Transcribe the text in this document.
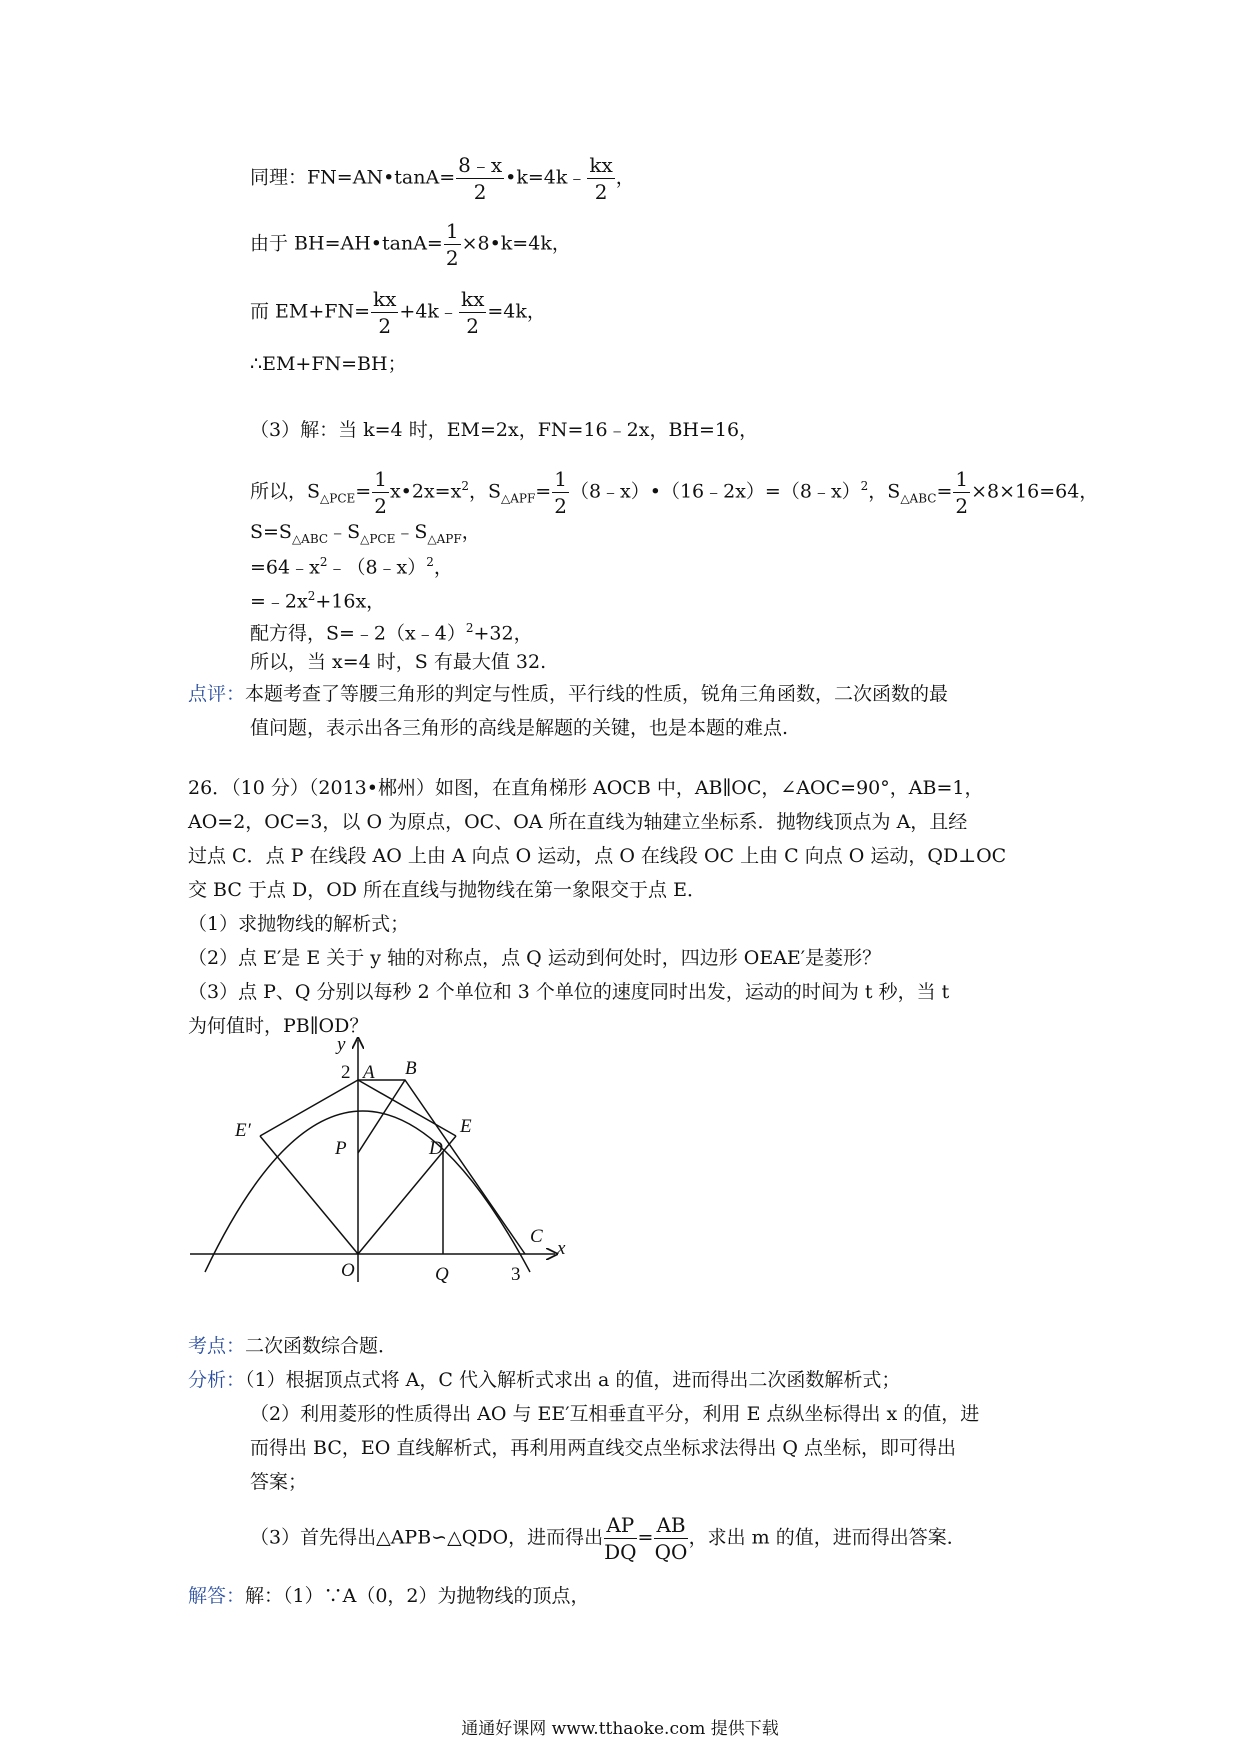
同理：FN=AN•tanA= $\frac{8﹣x}{2}$ •k=4k﹣ $\frac{kx}{2}$ ，
由于 BH=AH•tanA= $\frac{1}{2}$ ×8•k=4k，
而 $EM+FN= \frac{kx}{2}$ +4k﹣ $\frac{kx}{2} =4k$，
∴EM+FN=BH；
（3）解：当 k=4 时，EM=2x，FN=16﹣2x，BH=16，
所以，$S_{\triangle PCE}= \frac{1}{2}$ $x•2x=x^2$，$S_{\triangle APF}= \frac{1}{2}$ （8﹣x）•（16﹣2x）=（8﹣x）$^2$，$S_{\triangle ABC}= \frac{1}{2} \times 8\times 16=64$，
$S=S_{\triangle ABC}﹣S_{\triangle PCE}﹣S_{\triangle APF}$，
$=64﹣x^2﹣(8﹣x)^2$，
$=﹣2x^2+16x$，
配方得，S=﹣2（x﹣4）$^2$+32，
所以，当 x=4 时，S 有最大值 32.
点评：本题考查了等腰三角形的判定与性质，平行线的性质，锐角三角函数，二次函数的最
值问题，表示出各三角形的高线是解题的关键，也是本题的难点.
26．（10 分）（2013•郴州）如图，在直角梯形 AOCB 中，AB∥OC，∠AOC=90°，AB=1，
AO=2，OC=3，以 O 为原点，OC、OA 所在直线为轴建立坐标系．抛物线顶点为 A，且经
过点 C．点 P 在线段 AO 上由 A 向点 O 运动，点 O 在线段 OC 上由 C 向点 O 运动，QD⊥OC
交 BC 于点 D，OD 所在直线与抛物线在第一象限交于点 E．
（1）求抛物线的解析式；
（2）点 E′是 E 关于 y 轴的对称点，点 Q 运动到何处时，四边形 OEAE′是菱形？
（3）点 P、Q 分别以每秒 2 个单位和 3 个单位的速度同时出发，运动的时间为 t 秒，当 t
为何值时，PB∥OD？
y
x
2 A B
P
E′	E
D
C
O	Q	3
考点：二次函数综合题．
分析：（1）根据顶点式将 A，C 代入解析式求出 a 的值，进而得出二次函数解析式；
（2）利用菱形的性质得出 AO 与 EE′互相垂直平分，利用 E 点纵坐标得出 x 的值，进
而得出 BC，EO 直线解析式，再利用两直线交点坐标求法得出 Q 点坐标，即可得出
答案；
（3）首先得出△APB∽△QDO，进而得出 $\frac{AP}{DQ} = \frac{AB}{QO}$ ，求出 m 的值，进而得出答案．
解答：解：（1）∵A（0，2）为抛物线的顶点，
通通好课网 www.tthaoke.com 提供下载
